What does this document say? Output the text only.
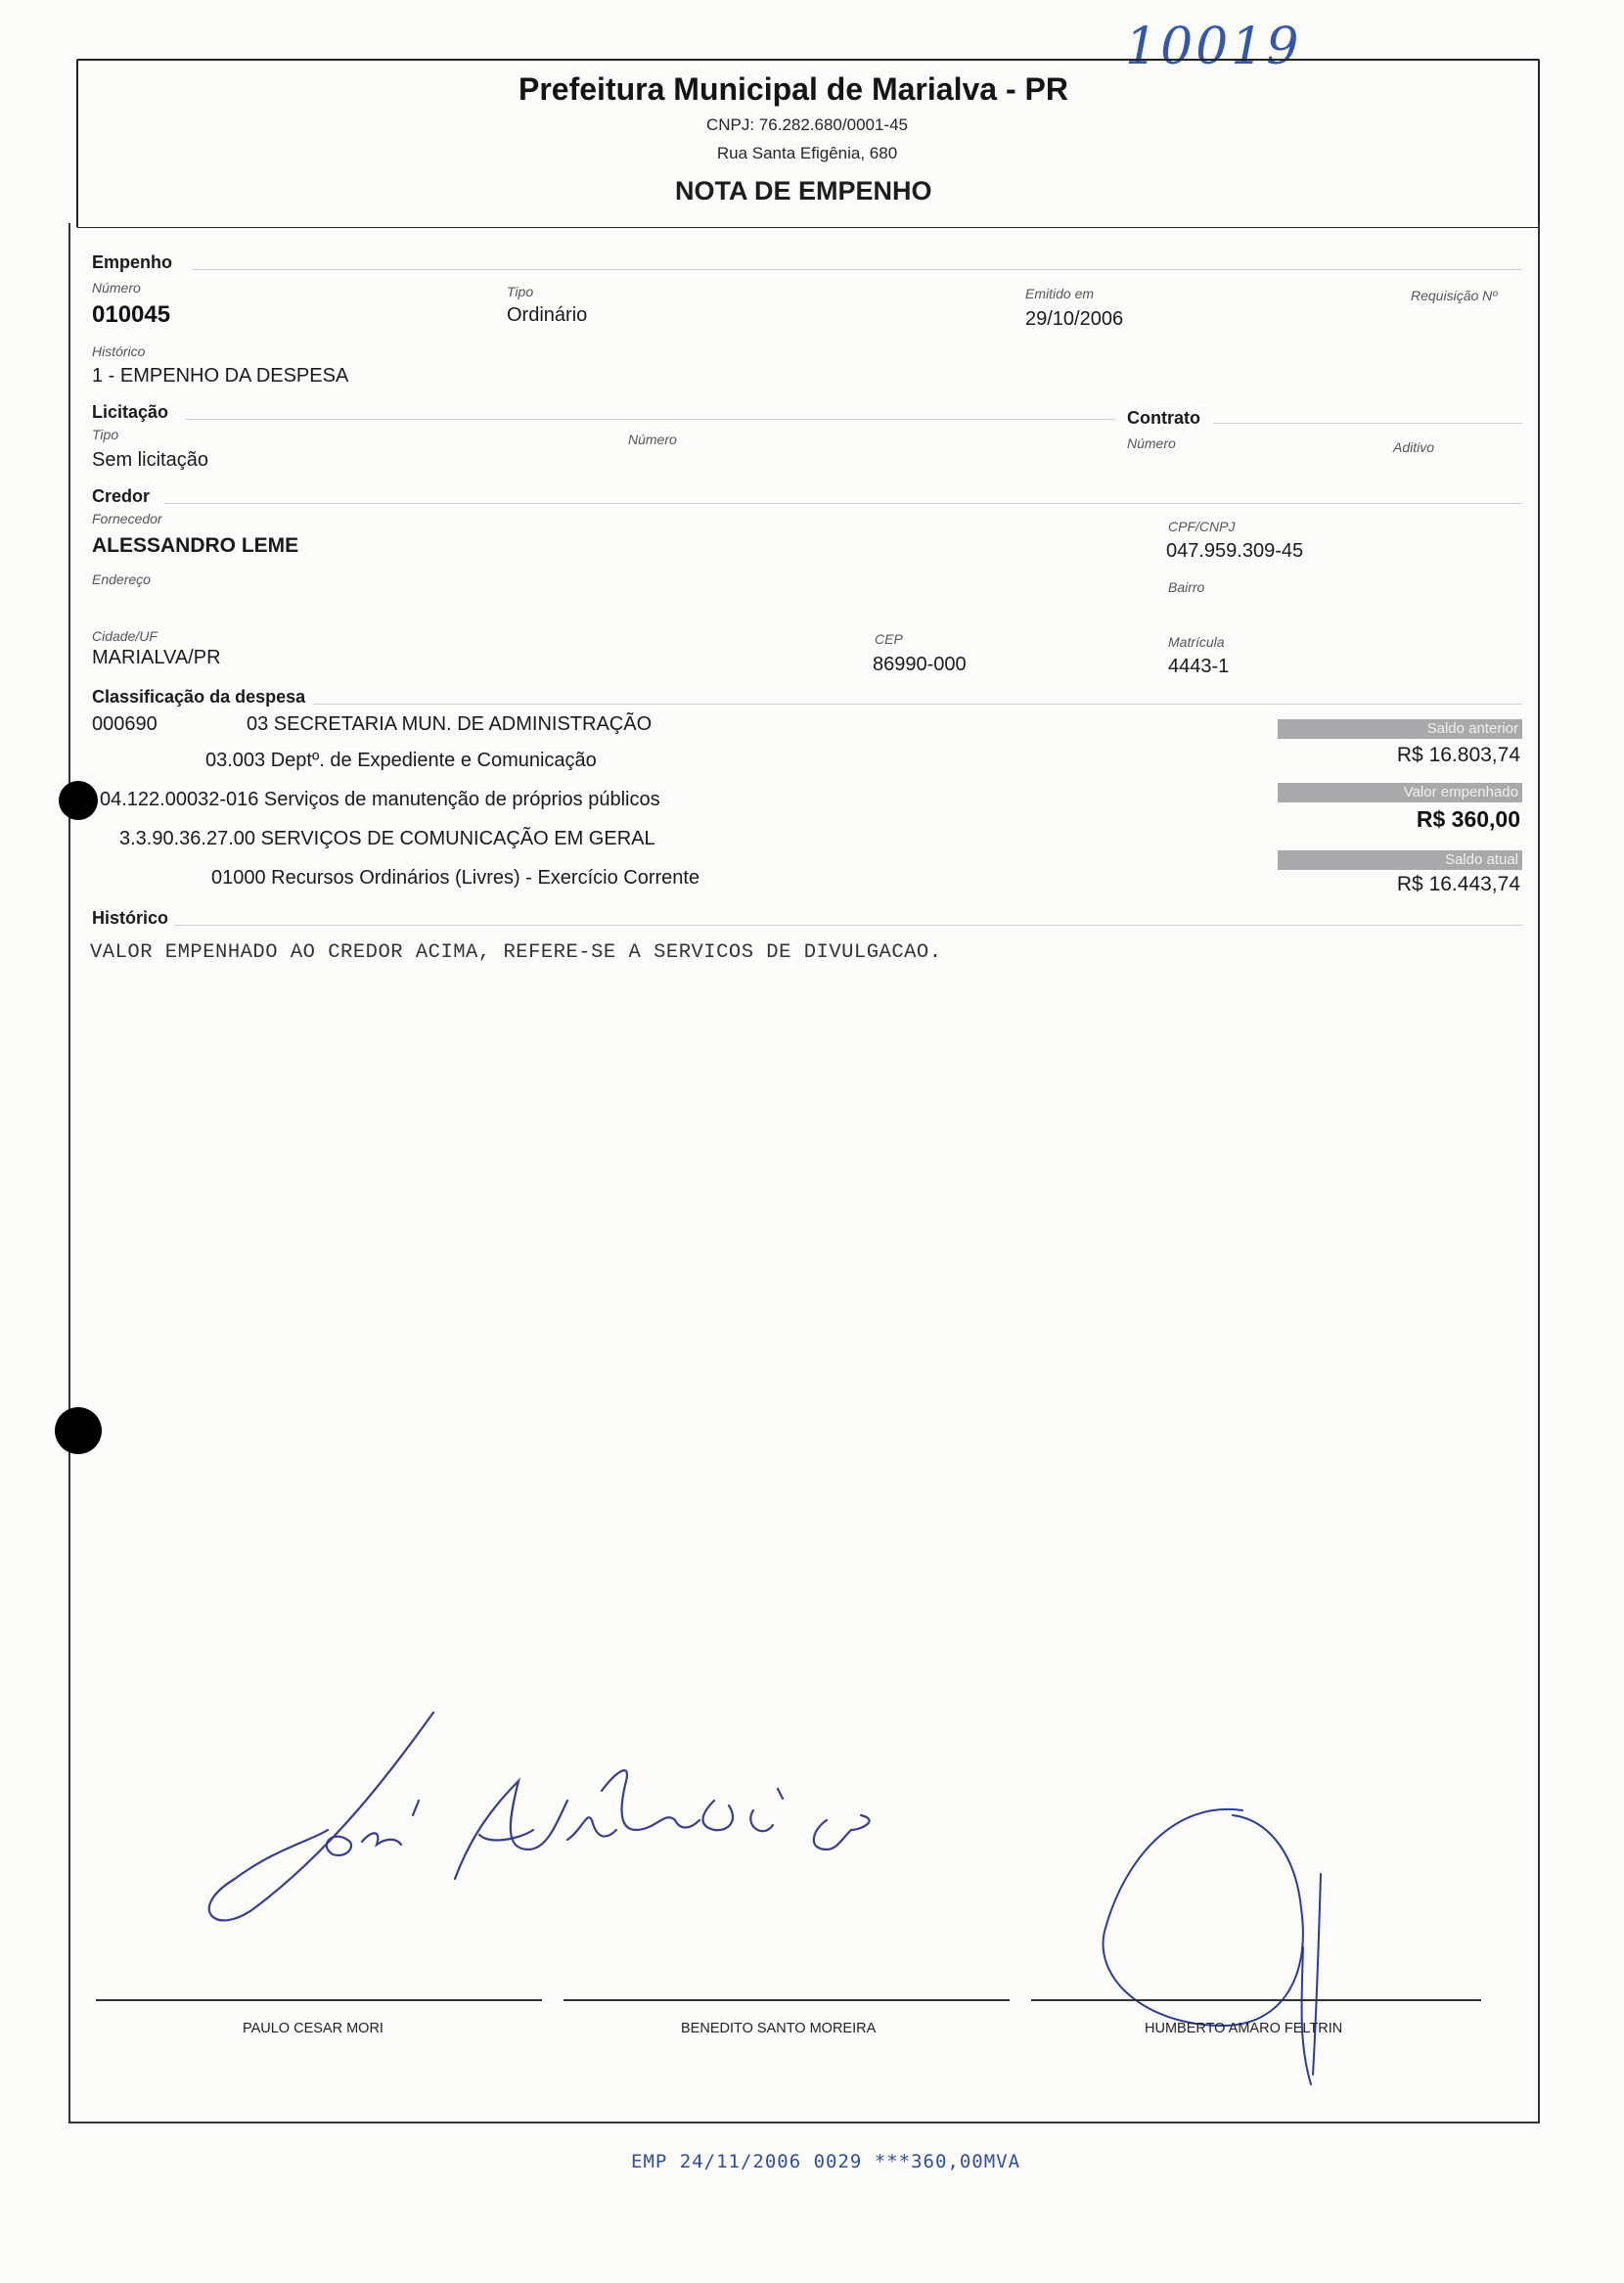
10019
Prefeitura Municipal de Marialva - PR
CNPJ: 76.282.680/0001-45
Rua Santa Efigênia, 680
NOTA DE EMPENHO
Empenho
Número
010045
Tipo
Ordinário
Emitido em
29/10/2006
Requisição Nº
Histórico
1 - EMPENHO DA DESPESA
Licitação	Contrato
Tipo
Sem licitação
Número	Número	Aditivo
Credor
Fornecedor
ALESSANDRO LEME
CPF/CNPJ
047.959.309-45
Endereço	Bairro
Cidade/UF
MARIALVA/PR
CEP
86990-000
Matrícula
4443-1
Classificação da despesa
000690	03 SECRETARIA MUN. DE ADMINISTRAÇÃO
03.003 Deptº. de Expediente e Comunicação
04.122.00032-016 Serviços de manutenção de próprios públicos
3.3.90.36.27.00 SERVIÇOS DE COMUNICAÇÃO EM GERAL
01000 Recursos Ordinários (Livres) - Exercício Corrente
Saldo anterior
R$ 16.803,74
Valor empenhado
R$ 360,00
Saldo atual
R$ 16.443,74
Histórico
VALOR EMPENHADO AO CREDOR ACIMA, REFERE-SE A SERVICOS DE DIVULGACAO.
PAULO CESAR MORI	BENEDITO SANTO MOREIRA	HUMBERTO AMARO FELTRIN
EMP 24/11/2006 0029 ***360,00MVA
